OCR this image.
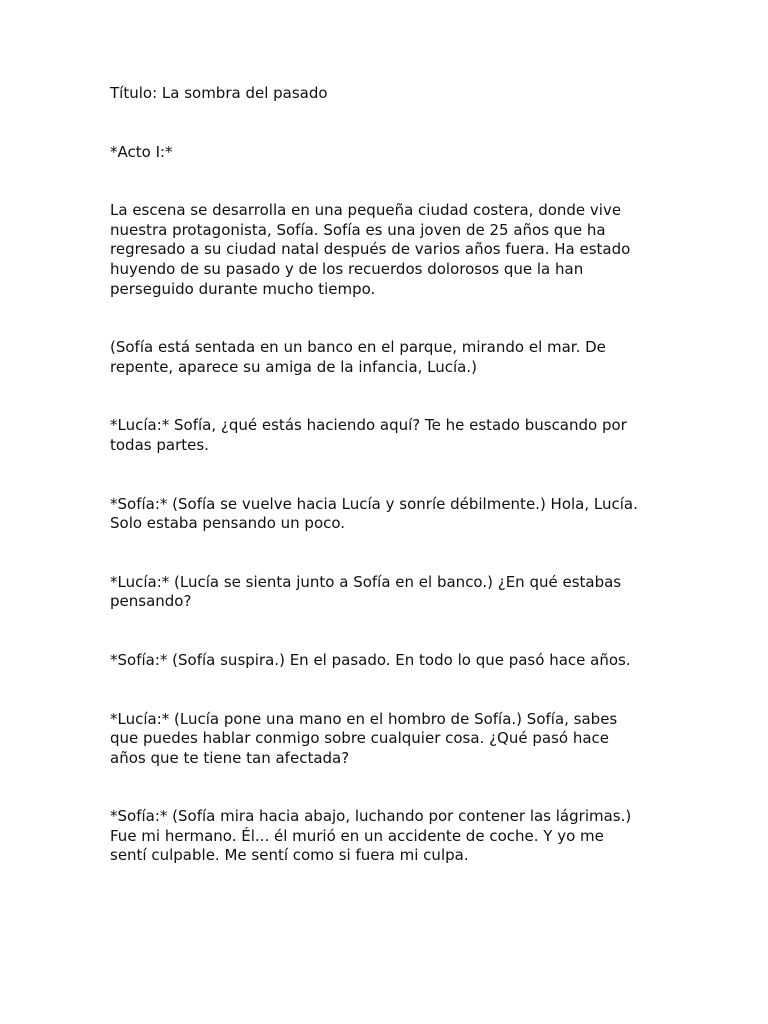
Título: La sombra del pasado

*Acto I:*

La escena se desarrolla en una pequeña ciudad costera, donde vive
nuestra protagonista, Sofía. Sofía es una joven de 25 años que ha
regresado a su ciudad natal después de varios años fuera. Ha estado
huyendo de su pasado y de los recuerdos dolorosos que la han
perseguido durante mucho tiempo.

(Sofía está sentada en un banco en el parque, mirando el mar. De
repente, aparece su amiga de la infancia, Lucía.)

*Lucía:* Sofía, ¿qué estás haciendo aquí? Te he estado buscando por
todas partes.

*Sofía:* (Sofía se vuelve hacia Lucía y sonríe débilmente.) Hola, Lucía.
Solo estaba pensando un poco.

*Lucía:* (Lucía se sienta junto a Sofía en el banco.) ¿En qué estabas
pensando?

*Sofía:* (Sofía suspira.) En el pasado. En todo lo que pasó hace años.

*Lucía:* (Lucía pone una mano en el hombro de Sofía.) Sofía, sabes
que puedes hablar conmigo sobre cualquier cosa. ¿Qué pasó hace
años que te tiene tan afectada?

*Sofía:* (Sofía mira hacia abajo, luchando por contener las lágrimas.)
Fue mi hermano. Él... él murió en un accidente de coche. Y yo me
sentí culpable. Me sentí como si fuera mi culpa.
